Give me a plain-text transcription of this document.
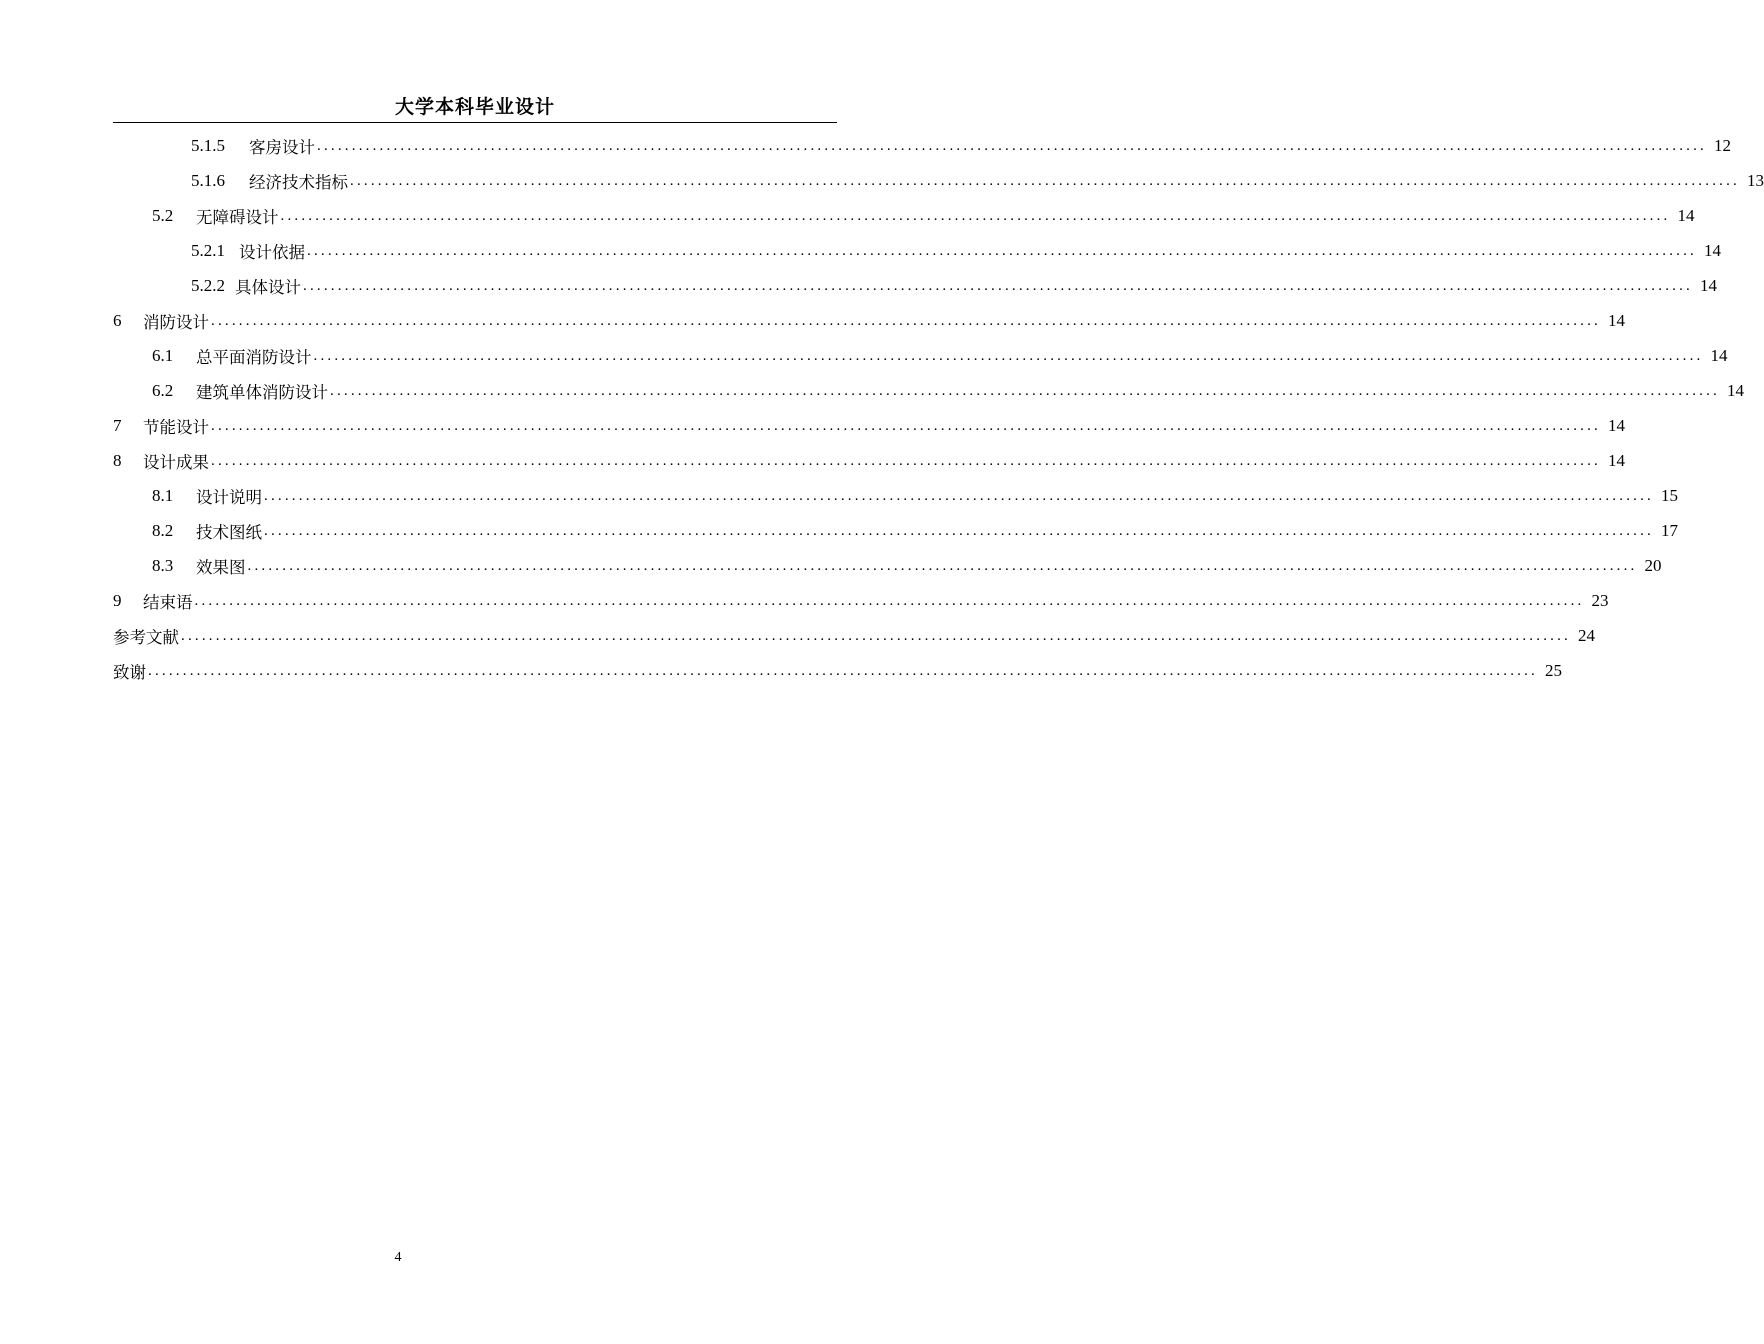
大学本科毕业设计
5.1.5	客房设计 ........................................................................................................................................................................................................ 12
5.1.6	经济技术指标 ........................................................................................................................................................................................................ 13
5.2	无障碍设计 ........................................................................................................................................................................................................ 14
5.2.1 设计依据 ........................................................................................................................................................................................................ 14
5.2.2 具体设计 ........................................................................................................................................................................................................ 14
6	消防设计 ........................................................................................................................................................................................................ 14
6.1	总平面消防设计 ........................................................................................................................................................................................................ 14
6.2	建筑单体消防设计 ........................................................................................................................................................................................................ 14
7	节能设计 ........................................................................................................................................................................................................ 14
8	设计成果 ........................................................................................................................................................................................................ 14
8.1	设计说明 ........................................................................................................................................................................................................ 15
8.2	技术图纸 ........................................................................................................................................................................................................ 17
8.3	效果图 ........................................................................................................................................................................................................ 20
9	结束语 ........................................................................................................................................................................................................ 23
参考文献 ........................................................................................................................................................................................................ 24
致谢 ........................................................................................................................................................................................................ 25
4
